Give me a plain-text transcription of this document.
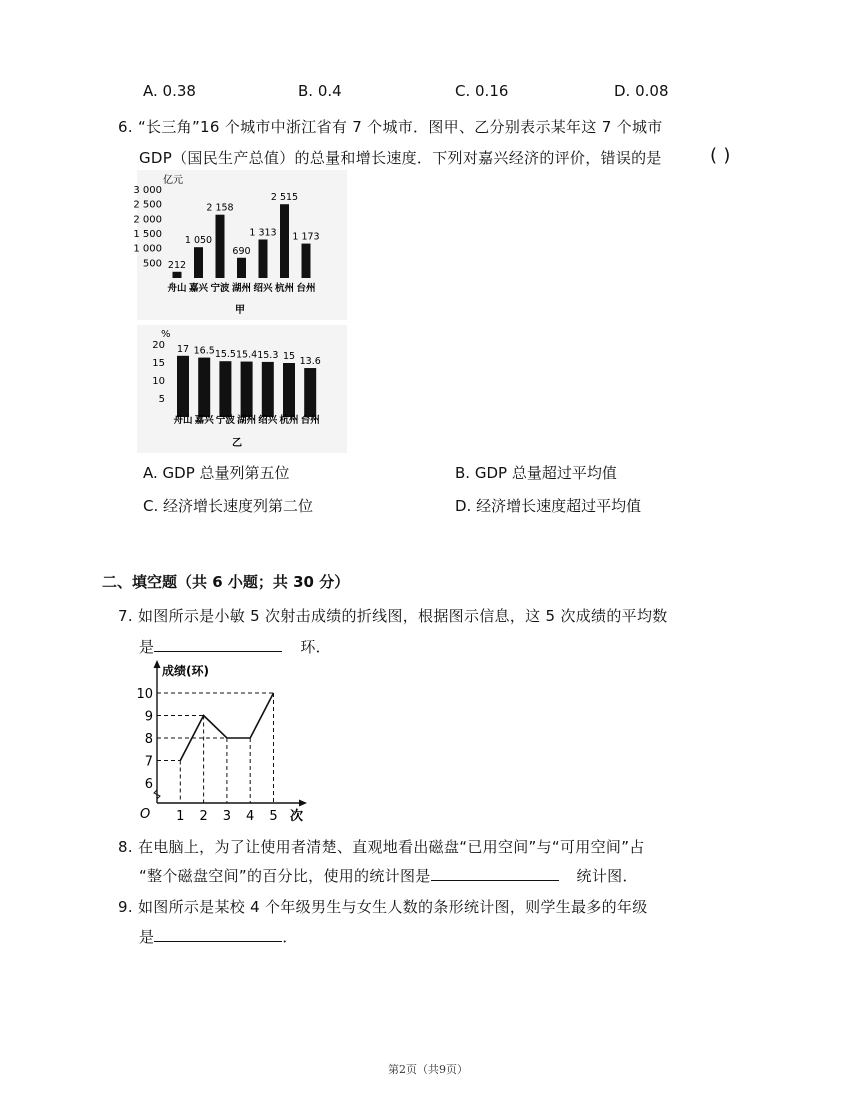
A. 0.38	B. 0.4	C. 0.16	D. 0.08
6. “长三角”16 个城市中浙江省有 7 个城市．图甲、乙分别表示某年这 7 个城市
GDP（国民生产总值）的总量和增长速度．下列对嘉兴经济的评价，错误的是	( )
亿元
3 000
2 500
2 000
1 500
1 000
500 212
1 050
2 158
690
1 313
2 515
1 173
舟山 嘉兴 宁波 湖州 绍兴 杭州 台州
甲
%
20
15
10
5
17 16.5 15.5 15.4 15.3 15 13.6
舟山 嘉兴 宁波 湖州 绍兴 杭州 台州
乙
A. GDP 总量列第五位	B. GDP 总量超过平均值
C. 经济增长速度列第二位	D. 经济增长速度超过平均值
二、填空题（共 6 小题；共 30 分）
7. 如图所示是小敏 5 次射击成绩的折线图，根据图示信息，这 5 次成绩的平均数
是	环．
成绩(环)
次
O 1 2 3 4 5
6
7
8
9
10
8. 在电脑上，为了让使用者清楚、直观地看出磁盘“已用空间”与“可用空间”占
“整个磁盘空间”的百分比，使用的统计图是	统计图．
9. 如图所示是某校 4 个年级男生与女生人数的条形统计图，则学生最多的年级
是	．
第2页（共9页）
